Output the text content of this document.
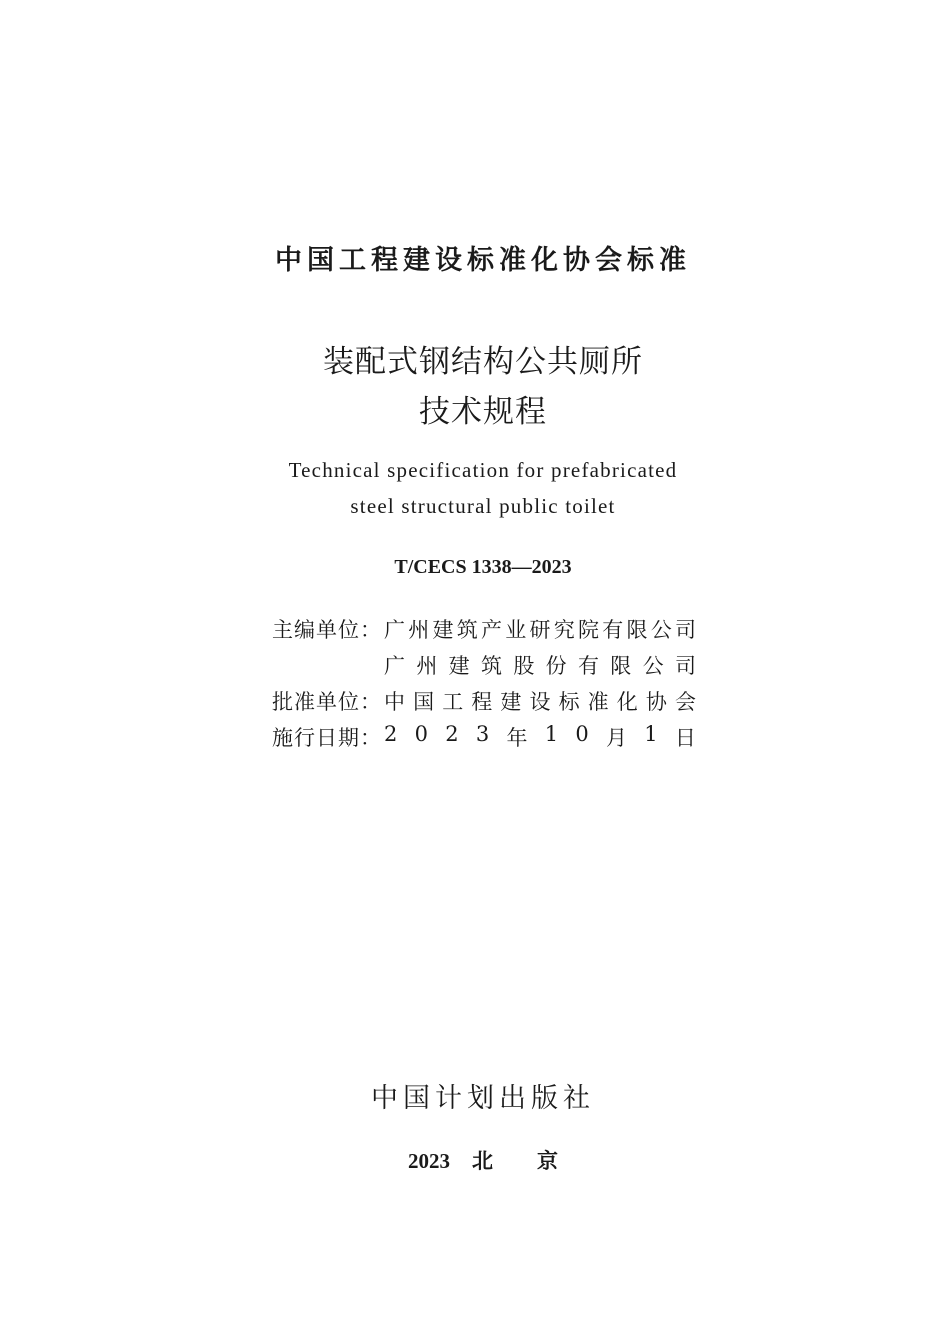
中国工程建设标准化协会标准
装配式钢结构公共厕所
技术规程
Technical specification for prefabricated
steel structural public toilet
T/CECS 1338—2023
主编单位： 广 州 建 筑 产 业 研 究 院 有 限 公 司
广 州 建 筑 股 份 有 限 公 司
批准单位： 中 国 工 程 建 设 标 准 化 协 会
施行日期： 2 0 2 3 年 1 0 月 1 日
中国计划出版社
2023 北 京
